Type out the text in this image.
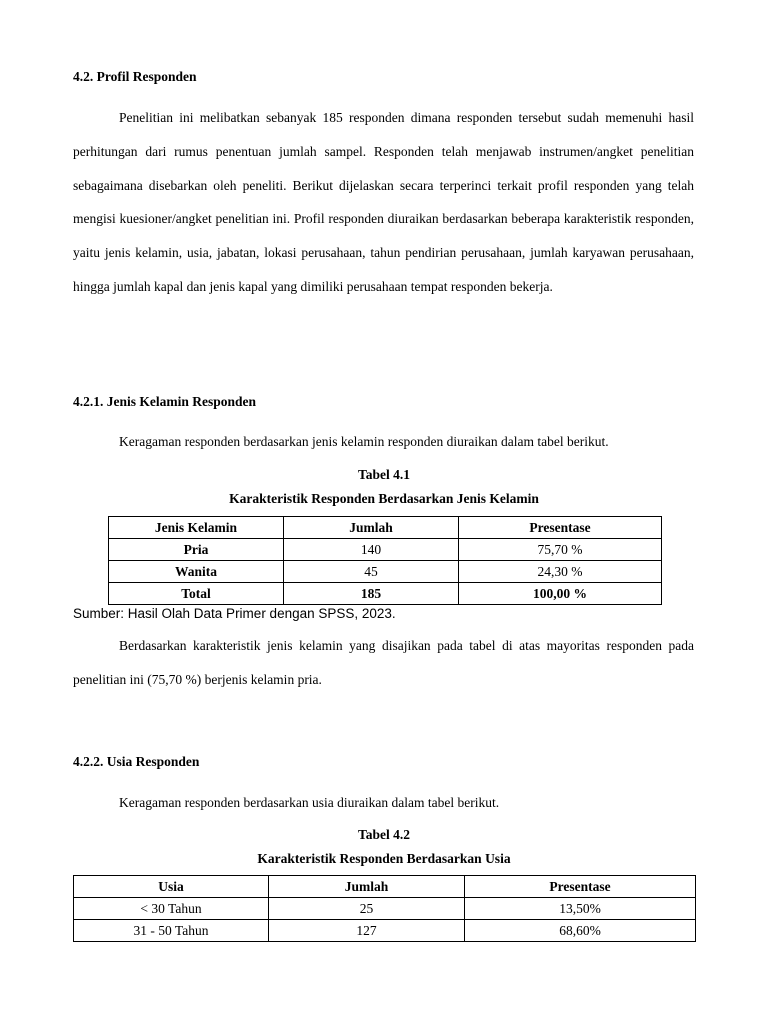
4.2. Profil Responden

Penelitian ini melibatkan sebanyak 185 responden dimana responden tersebut sudah memenuhi hasil perhitungan dari rumus penentuan jumlah sampel. Responden telah menjawab instrumen/angket penelitian sebagaimana disebarkan oleh peneliti. Berikut dijelaskan secara terperinci terkait profil responden yang telah mengisi kuesioner/angket penelitian ini. Profil responden diuraikan berdasarkan beberapa karakteristik responden, yaitu jenis kelamin, usia, jabatan, lokasi perusahaan, tahun pendirian perusahaan, jumlah karyawan perusahaan, hingga jumlah kapal dan jenis kapal yang dimiliki perusahaan tempat responden bekerja.

4.2.1. Jenis Kelamin Responden

Keragaman responden berdasarkan jenis kelamin responden diuraikan dalam tabel berikut.

Tabel 4.1

Karakteristik Responden Berdasarkan Jenis Kelamin

Jenis Kelamin	Jumlah	Presentase
Pria	140	75,70 %
Wanita	45	24,30 %
Total	185	100,00 %

Sumber: Hasil Olah Data Primer dengan SPSS, 2023.

Berdasarkan karakteristik jenis kelamin yang disajikan pada tabel di atas mayoritas responden pada penelitian ini (75,70 %) berjenis kelamin pria.

4.2.2. Usia Responden

Keragaman responden berdasarkan usia diuraikan dalam tabel berikut.

Tabel 4.2

Karakteristik Responden Berdasarkan Usia

Usia	Jumlah	Presentase
< 30 Tahun	25	13,50%
31 - 50 Tahun	127	68,60%
